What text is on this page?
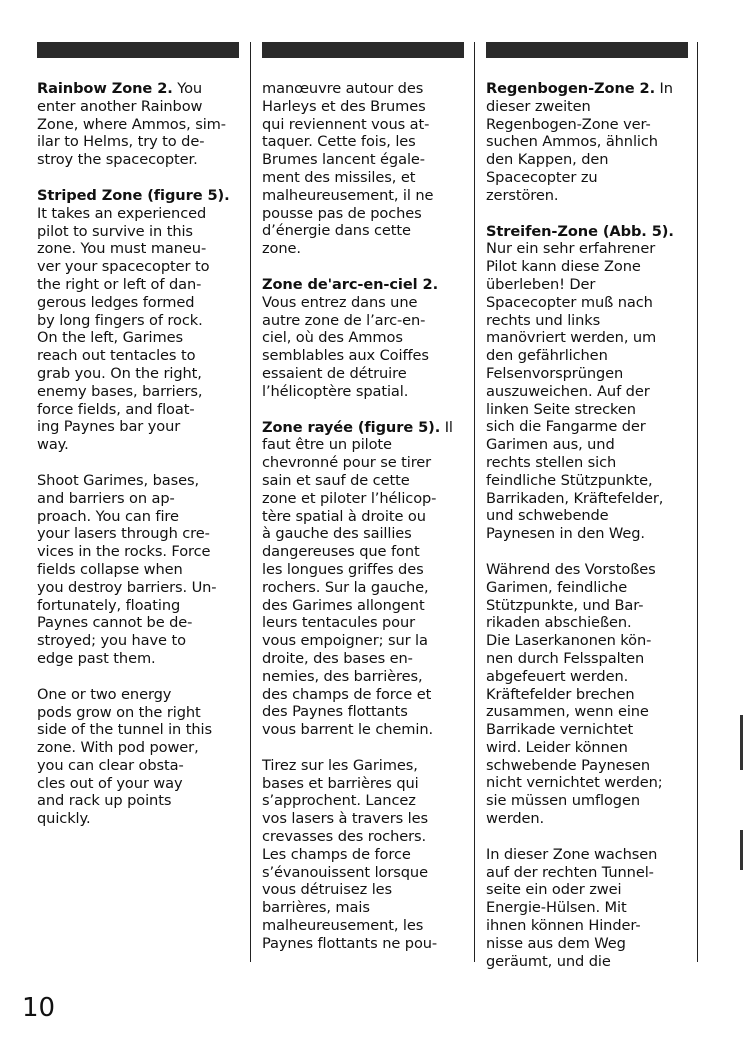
Rainbow Zone 2. You
enter another Rainbow
Zone, where Ammos, sim-
ilar to Helms, try to de-
stroy the spacecopter.

Striped Zone (figure 5).
It takes an experienced
pilot to survive in this
zone. You must maneu-
ver your spacecopter to
the right or left of dan-
gerous ledges formed
by long fingers of rock.
On the left, Garimes
reach out tentacles to
grab you. On the right,
enemy bases, barriers,
force fields, and float-
ing Paynes bar your
way.

Shoot Garimes, bases,
and barriers on ap-
proach. You can fire
your lasers through cre-
vices in the rocks. Force
fields collapse when
you destroy barriers. Un-
fortunately, floating
Paynes cannot be de-
stroyed; you have to
edge past them.

One or two energy
pods grow on the right
side of the tunnel in this
zone. With pod power,
you can clear obsta-
cles out of your way
and rack up points
quickly.

manœuvre autour des
Harleys et des Brumes
qui reviennent vous at-
taquer. Cette fois, les
Brumes lancent égale-
ment des missiles, et
malheureusement, il ne
pousse pas de poches
d’énergie dans cette
zone.

Zone de'arc-en-ciel 2.
Vous entrez dans une
autre zone de l’arc-en-
ciel, où des Ammos
semblables aux Coiffes
essaient de détruire
l’hélicoptère spatial.

Zone rayée (figure 5). Il
faut être un pilote
chevronné pour se tirer
sain et sauf de cette
zone et piloter l’hélicop-
tère spatial à droite ou
à gauche des saillies
dangereuses que font
les longues griffes des
rochers. Sur la gauche,
des Garimes allongent
leurs tentacules pour
vous empoigner; sur la
droite, des bases en-
nemies, des barrières,
des champs de force et
des Paynes flottants
vous barrent le chemin.

Tirez sur les Garimes,
bases et barrières qui
s’approchent. Lancez
vos lasers à travers les
crevasses des rochers.
Les champs de force
s’évanouissent lorsque
vous détruisez les
barrières, mais
malheureusement, les
Paynes flottants ne pou-

Regenbogen-Zone 2. In
dieser zweiten
Regenbogen-Zone ver-
suchen Ammos, ähnlich
den Kappen, den
Spacecopter zu
zerstören.

Streifen-Zone (Abb. 5).
Nur ein sehr erfahrener
Pilot kann diese Zone
überleben! Der
Spacecopter muß nach
rechts und links
manövriert werden, um
den gefährlichen
Felsenvorsprüngen
auszuweichen. Auf der
linken Seite strecken
sich die Fangarme der
Garimen aus, und
rechts stellen sich
feindliche Stützpunkte,
Barrikaden, Kräftefelder,
und schwebende
Paynesen in den Weg.

Während des Vorstoßes
Garimen, feindliche
Stützpunkte, und Bar-
rikaden abschießen.
Die Laserkanonen kön-
nen durch Felsspalten
abgefeuert werden.
Kräftefelder brechen
zusammen, wenn eine
Barrikade vernichtet
wird. Leider können
schwebende Paynesen
nicht vernichtet werden;
sie müssen umflogen
werden.

In dieser Zone wachsen
auf der rechten Tunnel-
seite ein oder zwei
Energie-Hülsen. Mit
ihnen können Hinder-
nisse aus dem Weg
geräumt, und die

10
